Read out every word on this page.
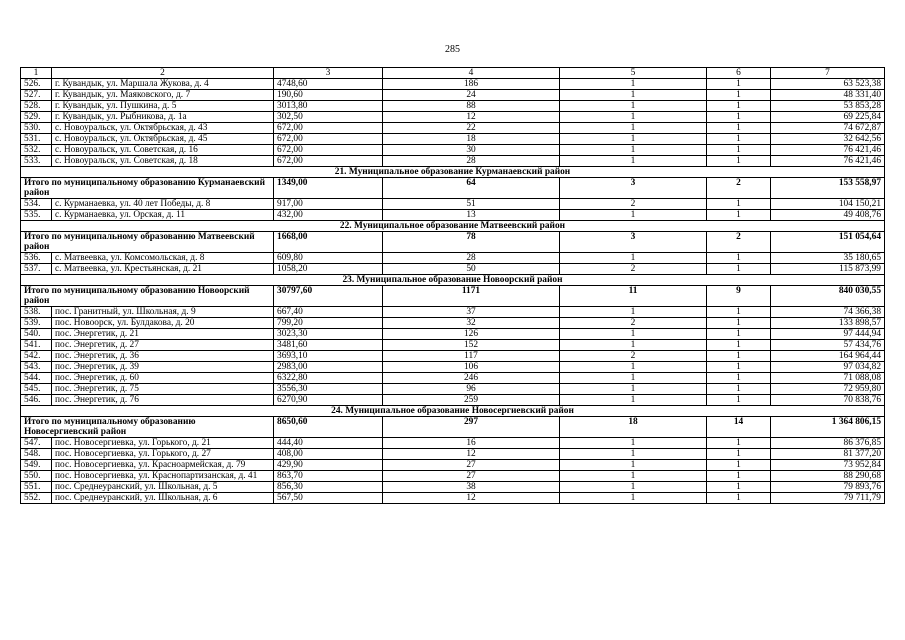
285
1	2	3	4	5	6	7
526.	г. Кувандык, ул. Маршала Жукова, д. 4	4748,60	186	1	1	63 523,38
527.	г. Кувандык, ул. Маяковского, д. 7	190,60	24	1	1	48 331,40
528.	г. Кувандык, ул. Пушкина, д. 5	3013,80	88	1	1	53 853,28
529.	г. Кувандык, ул. Рыбникова, д. 1а	302,50	12	1	1	69 225,84
530.	с. Новоуральск, ул. Октябрьская, д. 43	672,00	22	1	1	74 672,87
531.	с. Новоуральск, ул. Октябрьская, д. 45	672,00	18	1	1	32 642,56
532.	с. Новоуральск, ул. Советская, д. 16	672,00	30	1	1	76 421,46
533.	с. Новоуральск, ул. Советская, д. 18	672,00	28	1	1	76 421,46
21. Муниципальное образование Курманаевский район						
Итого по муниципальному образованию Курманаевский район		1349,00	64	3	2	153 558,97
534.	с. Курманаевка, ул. 40 лет Победы, д. 8	917,00	51	2	1	104 150,21
535.	с. Курманаевка, ул. Орская, д. 11	432,00	13	1	1	49 408,76
22. Муниципальное образование Матвеевский район						
Итого по муниципальному образованию Матвеевский район		1668,00	78	3	2	151 054,64
536.	с. Матвеевка, ул. Комсомольская, д. 8	609,80	28	1	1	35 180,65
537.	с. Матвеевка, ул. Крестьянская, д. 21	1058,20	50	2	1	115 873,99
23. Муниципальное образование Новоорский район						
Итого по муниципальному образованию Новоорский район		30797,60	1171	11	9	840 030,55
538.	пос. Гранитный, ул. Школьная, д. 9	667,40	37	1	1	74 366,38
539.	пос. Новоорск, ул. Булдакова, д. 20	799,20	32	2	1	133 898,57
540.	пос. Энергетик, д. 21	3023,30	126	1	1	97 444,94
541.	пос. Энергетик, д. 27	3481,60	152	1	1	57 434,76
542.	пос. Энергетик, д. 36	3693,10	117	2	1	164 964,44
543.	пос. Энергетик, д. 39	2983,00	106	1	1	97 034,82
544.	пос. Энергетик, д. 60	6322,80	246	1	1	71 088,08
545.	пос. Энергетик, д. 75	3556,30	96	1	1	72 959,80
546.	пос. Энергетик, д. 76	6270,90	259	1	1	70 838,76
24. Муниципальное образование Новосергиевский район						
Итого по муниципальному образованию Новосергиевский район		8650,60	297	18	14	1 364 806,15
547.	пос. Новосергиевка, ул. Горького, д. 21	444,40	16	1	1	86 376,85
548.	пос. Новосергиевка, ул. Горького, д. 27	408,00	12	1	1	81 377,20
549.	пос. Новосергиевка, ул. Красноармейская, д. 79	429,90	27	1	1	73 952,84
550.	пос. Новосергиевка, ул. Краснопартизанская, д. 41	863,70	27	1	1	88 290,68
551.	пос. Среднеуранский, ул. Школьная, д. 5	856,30	38	1	1	79 893,76
552.	пос. Среднеуранский, ул. Школьная, д. 6	567,50	12	1	1	79 711,79
